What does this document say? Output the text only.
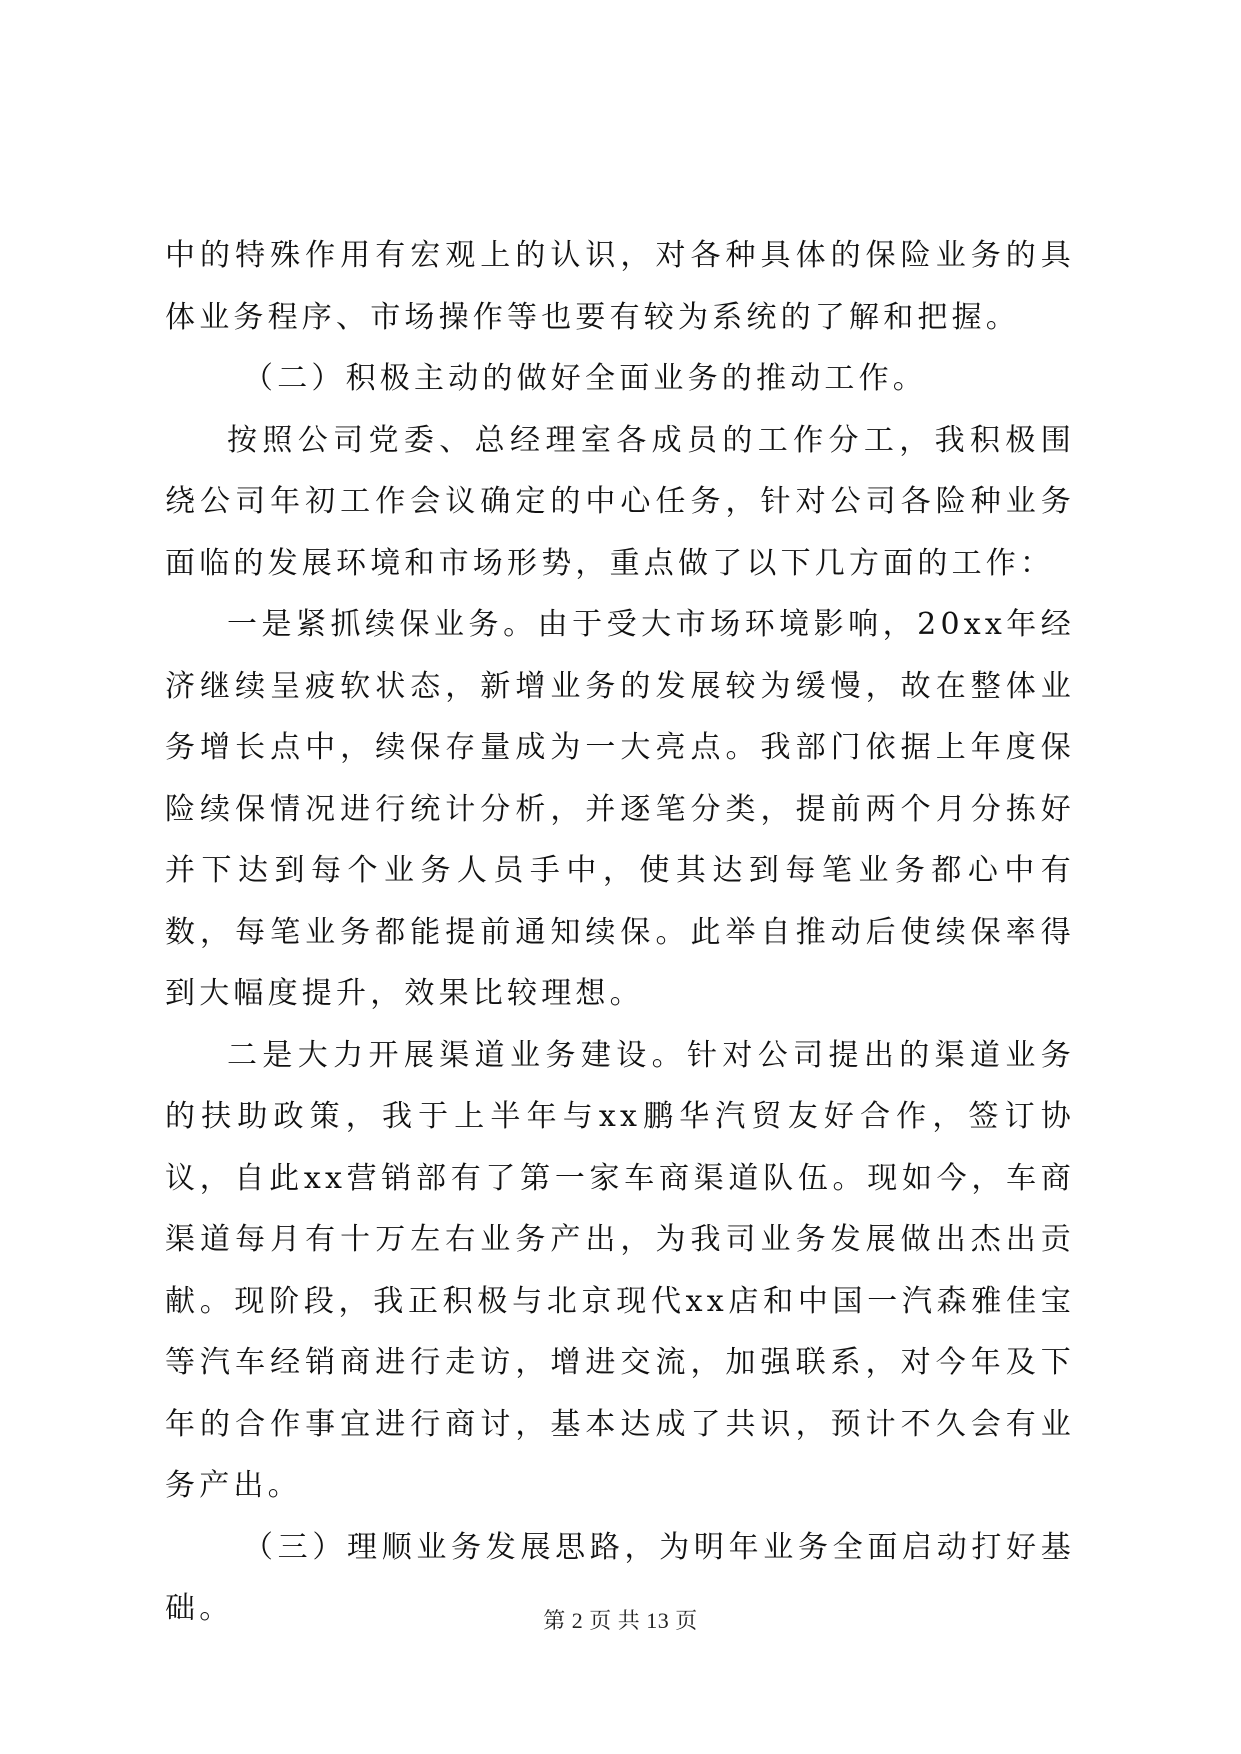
中的特殊作用有宏观上的认识，对各种具体的保险业务的具体业务程序、市场操作等也要有较为系统的了解和把握。

（二）积极主动的做好全面业务的推动工作。

按照公司党委、总经理室各成员的工作分工，我积极围绕公司年初工作会议确定的中心任务，针对公司各险种业务面临的发展环境和市场形势，重点做了以下几方面的工作：

一是紧抓续保业务。由于受大市场环境影响，20xx年经济继续呈疲软状态，新增业务的发展较为缓慢，故在整体业务增长点中，续保存量成为一大亮点。我部门依据上年度保险续保情况进行统计分析，并逐笔分类，提前两个月分拣好并下达到每个业务人员手中，使其达到每笔业务都心中有数，每笔业务都能提前通知续保。此举自推动后使续保率得到大幅度提升，效果比较理想。

二是大力开展渠道业务建设。针对公司提出的渠道业务的扶助政策，我于上半年与xx鹏华汽贸友好合作，签订协议，自此xx营销部有了第一家车商渠道队伍。现如今，车商渠道每月有十万左右业务产出，为我司业务发展做出杰出贡献。现阶段，我正积极与北京现代xx店和中国一汽森雅佳宝等汽车经销商进行走访，增进交流，加强联系，对今年及下年的合作事宜进行商讨，基本达成了共识，预计不久会有业务产出。

（三）理顺业务发展思路，为明年业务全面启动打好基础。	第 2 页 共 13 页
